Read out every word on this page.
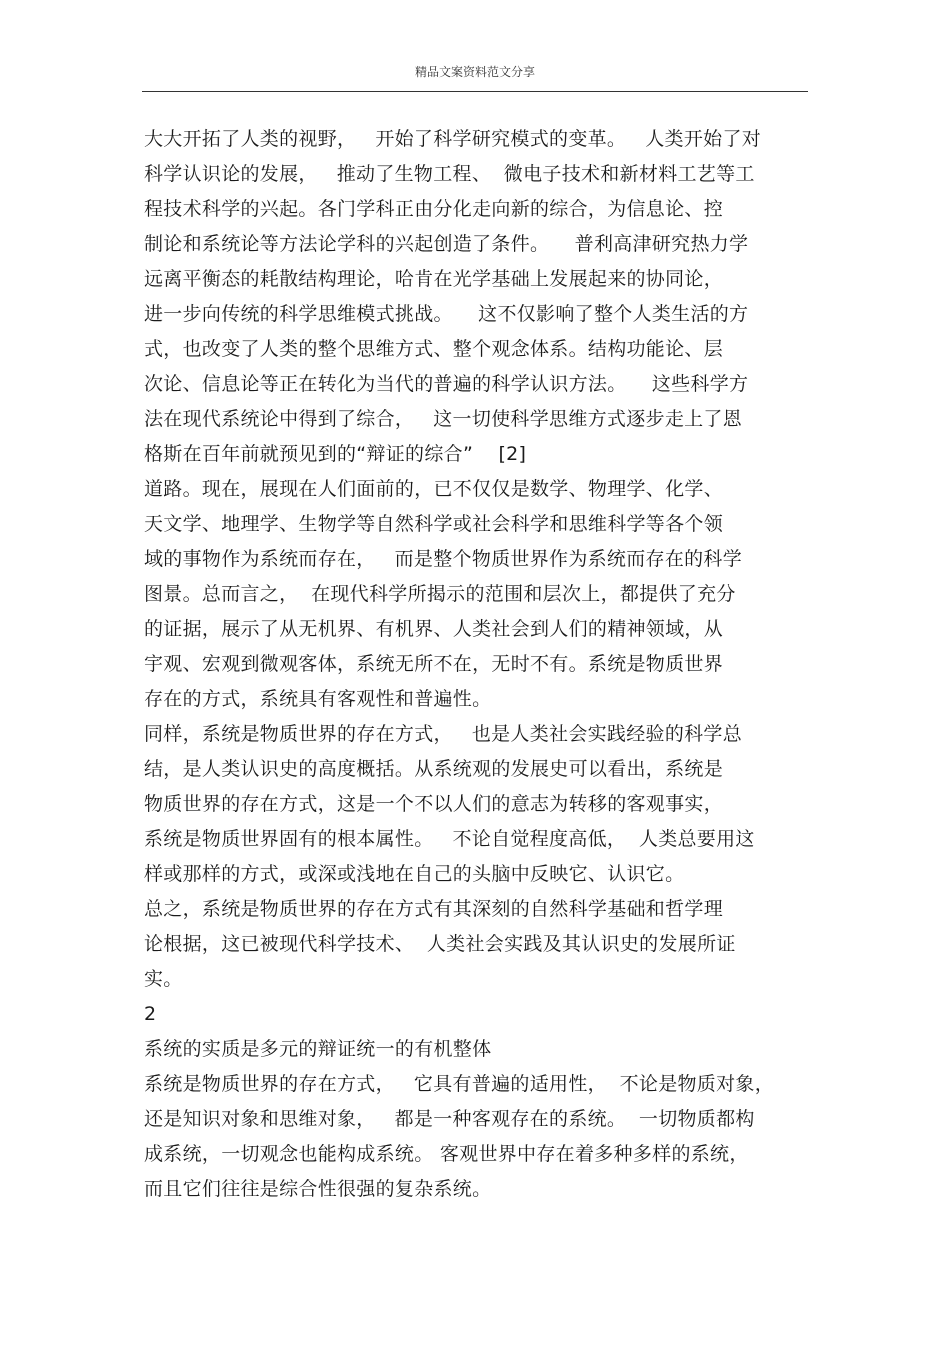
精品文案资料范文分享
大大开拓了人类的视野，   开始了科学研究模式的变革。   人类开始了对
科学认识论的发展，   推动了生物工程、  微电子技术和新材料工艺等工
程技术科学的兴起。各门学科正由分化走向新的综合，为信息论、控
制论和系统论等方法论学科的兴起创造了条件。    普利高津研究热力学
远离平衡态的耗散结构理论，哈肯在光学基础上发展起来的协同论，
进一步向传统的科学思维模式挑战。    这不仅影响了整个人类生活的方
式，也改变了人类的整个思维方式、整个观念体系。结构功能论、层
次论、信息论等正在转化为当代的普遍的科学认识方法。    这些科学方
法在现代系统论中得到了综合，   这一切使科学思维方式逐步走上了恩
格斯在百年前就预见到的“辩证的综合”    [2]
道路。现在，展现在人们面前的，已不仅仅是数学、物理学、化学、
天文学、地理学、生物学等自然科学或社会科学和思维科学等各个领
域的事物作为系统而存在，   而是整个物质世界作为系统而存在的科学
图景。总而言之，  在现代科学所揭示的范围和层次上，都提供了充分
的证据，展示了从无机界、有机界、人类社会到人们的精神领域，从
宇观、宏观到微观客体，系统无所不在，无时不有。系统是物质世界
存在的方式，系统具有客观性和普遍性。
同样，系统是物质世界的存在方式，   也是人类社会实践经验的科学总
结，是人类认识史的高度概括。从系统观的发展史可以看出，系统是
物质世界的存在方式，这是一个不以人们的意志为转移的客观事实，
系统是物质世界固有的根本属性。   不论自觉程度高低，  人类总要用这
样或那样的方式，或深或浅地在自己的头脑中反映它、认识它。
总之，系统是物质世界的存在方式有其深刻的自然科学基础和哲学理
论根据，这已被现代科学技术、  人类社会实践及其认识史的发展所证
实。
2
系统的实质是多元的辩证统一的有机整体
系统是物质世界的存在方式，   它具有普遍的适用性，  不论是物质对象，
还是知识对象和思维对象，   都是一种客观存在的系统。  一切物质都构
成系统，一切观念也能构成系统。 客观世界中存在着多种多样的系统，
而且它们往往是综合性很强的复杂系统。
